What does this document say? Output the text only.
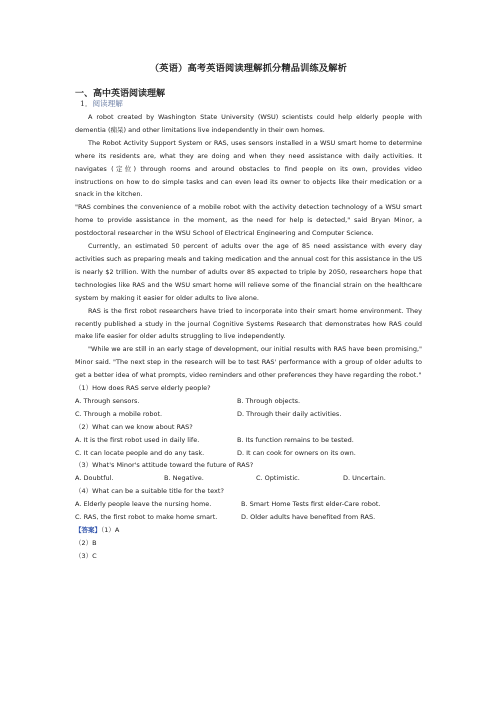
（英语）高考英语阅读理解抓分精品训练及解析
一、高中英语阅读理解
1．阅读理解

A robot created by Washington State University (WSU) scientists could help elderly people with dementia (痴呆) and other limitations live independently in their own homes.

The Robot Activity Support System or RAS, uses sensors installed in a WSU smart home to determine where its residents are, what they are doing and when they need assistance with daily activities. It navigates (定位) through rooms and around obstacles to find people on its own, provides video instructions on how to do simple tasks and can even lead its owner to objects like their medication or a snack in the kitchen.

"RAS combines the convenience of a mobile robot with the activity detection technology of a WSU smart home to provide assistance in the moment, as the need for help is detected," said Bryan Minor, a postdoctoral researcher in the WSU School of Electrical Engineering and Computer Science.

Currently, an estimated 50 percent of adults over the age of 85 need assistance with every day activities such as preparing meals and taking medication and the annual cost for this assistance in the US is nearly $2 trillion. With the number of adults over 85 expected to triple by 2050, researchers hope that technologies like RAS and the WSU smart home will relieve some of the financial strain on the healthcare system by making it easier for older adults to live alone.

RAS is the first robot researchers have tried to incorporate into their smart home environment. They recently published a study in the journal Cognitive Systems Research that demonstrates how RAS could make life easier for older adults struggling to live independently.

"While we are still in an early stage of development, our initial results with RAS have been promising," Minor said. "The next step in the research will be to test RAS' performance with a group of older adults to get a better idea of what prompts, video reminders and other preferences they have regarding the robot."

（1）How does RAS serve elderly people?

A. Through sensors.	B. Through objects.
C. Through a mobile robot.	D. Through their daily activities.

（2）What can we know about RAS?

A. It is the first robot used in daily life.	B. Its function remains to be tested.
C. It can locate people and do any task.	D. It can cook for owners on its own.

（3）What's Minor's attitude toward the future of RAS?

A. Doubtful.	B. Negative.	C. Optimistic.	D. Uncertain.

（4）What can be a suitable title for the text?

A. Elderly people leave the nursing home.	B. Smart Home Tests first elder-Care robot.
C. RAS, the first robot to make home smart.	D. Older adults have benefited from RAS.

【答案】（1）A

（2）B

（3）C
